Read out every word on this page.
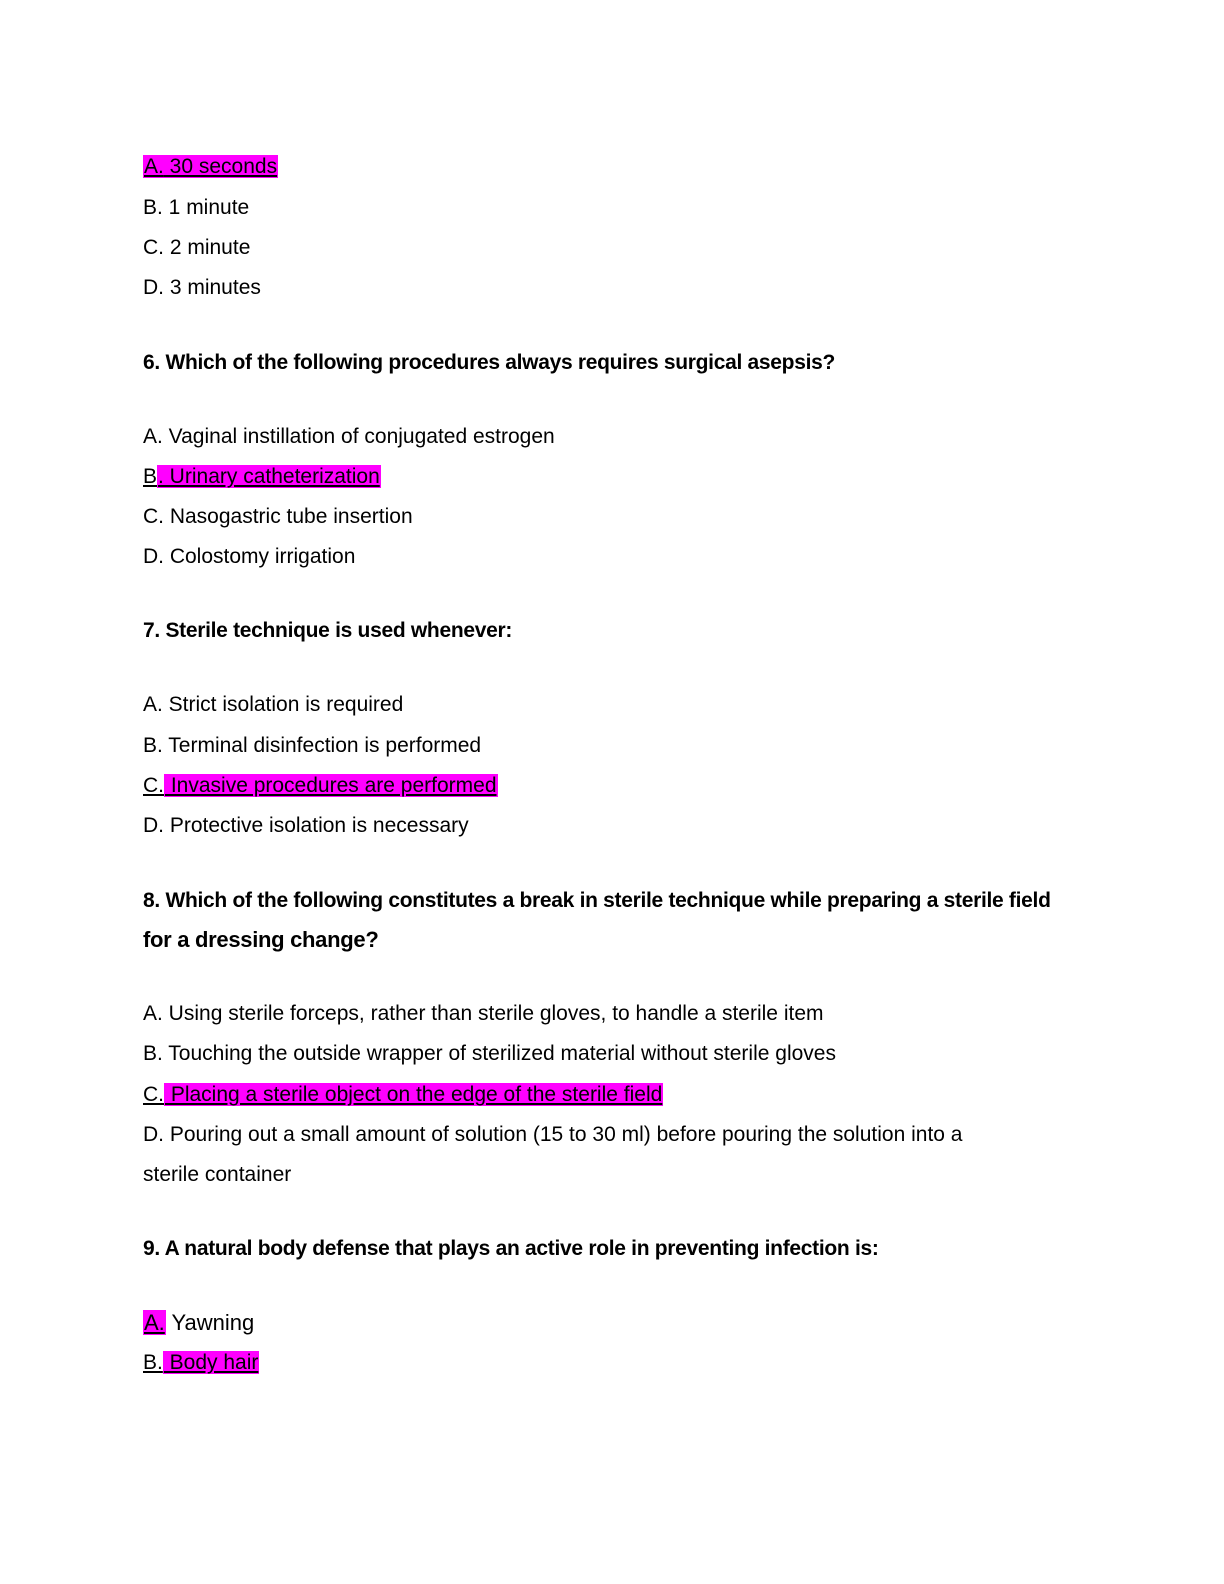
A. 30 seconds
B. 1 minute
C. 2 minute
D. 3 minutes
6. Which of the following procedures always requires surgical asepsis?
A. Vaginal instillation of conjugated estrogen
B. Urinary catheterization
C. Nasogastric tube insertion
D. Colostomy irrigation
7. Sterile technique is used whenever:
A. Strict isolation is required
B. Terminal disinfection is performed
C. Invasive procedures are performed
D. Protective isolation is necessary
8. Which of the following constitutes a break in sterile technique while preparing a sterile field
for a dressing change?
A. Using sterile forceps, rather than sterile gloves, to handle a sterile item
B. Touching the outside wrapper of sterilized material without sterile gloves
C. Placing a sterile object on the edge of the sterile field
D. Pouring out a small amount of solution (15 to 30 ml) before pouring the solution into a
sterile container
9. A natural body defense that plays an active role in preventing infection is:
A. Yawning
B. Body hair
